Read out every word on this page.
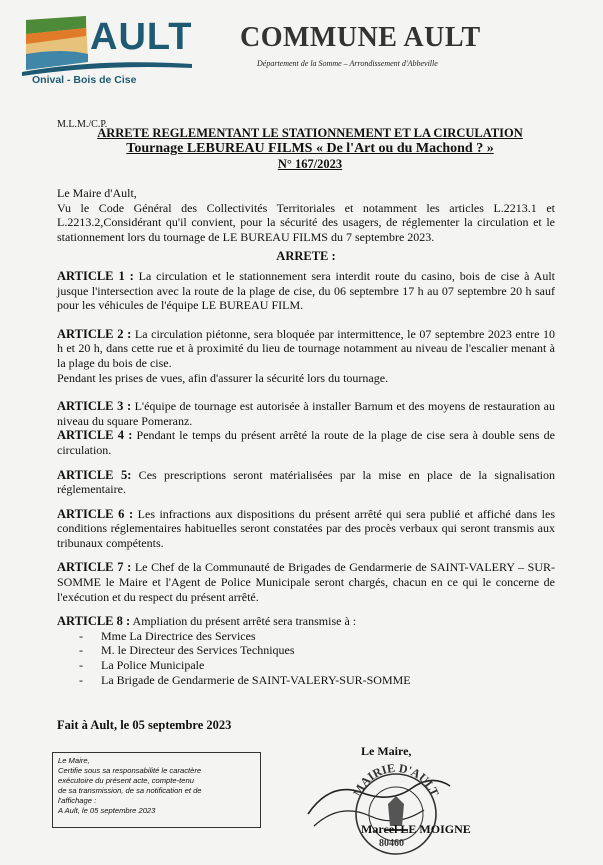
AULT
Onival - Bois de Cise
COMMUNE AULT
Département de la Somme – Arrondissement d'Abbeville
M.L.M./C.P.
ARRETE REGLEMENTANT LE STATIONNEMENT ET LA CIRCULATION
Tournage LEBUREAU FILMS « De l'Art ou du Machond ? »
N° 167/2023

Le Maire d'Ault,

Vu le Code Général des Collectivités Territoriales et notamment les articles L.2213.1 et L.2213.2,Considérant qu'il convient, pour la sécurité des usagers, de réglementer la circulation et le stationnement lors du tournage de LE BUREAU FILMS du 7 septembre 2023.

ARRETE :

ARTICLE 1 : La circulation et le stationnement sera interdit route du casino, bois de cise à Ault jusque l'intersection avec la route de la plage de cise, du 06 septembre 17 h au 07 septembre 20 h sauf pour les véhicules de l'équipe LE BUREAU FILM.

ARTICLE 2 : La circulation piétonne, sera bloquée par intermittence, le 07 septembre 2023 entre 10 h et 20 h, dans cette rue et à proximité du lieu de tournage notamment au niveau de l'escalier menant à la plage du bois de cise.

Pendant les prises de vues, afin d'assurer la sécurité lors du tournage.

ARTICLE 3 : L'équipe de tournage est autorisée à installer Barnum et des moyens de restauration au niveau du square Pomeranz.

ARTICLE 4 : Pendant le temps du présent arrêté la route de la plage de cise sera à double sens de circulation.

ARTICLE 5: Ces prescriptions seront matérialisées par la mise en place de la signalisation réglementaire.

ARTICLE 6 : Les infractions aux dispositions du présent arrêté qui sera publié et affiché dans les conditions réglementaires habituelles seront constatées par des procès verbaux qui seront transmis aux tribunaux compétents.

ARTICLE 7 : Le Chef de la Communauté de Brigades de Gendarmerie de SAINT-VALERY – SUR-SOMME le Maire et l'Agent de Police Municipale seront chargés, chacun en ce qui le concerne de l'exécution et du respect du présent arrêté.

ARTICLE 8 : Ampliation du présent arrêté sera transmise à :

- Mme La Directrice des Services
- M. le Directeur des Services Techniques
- La Police Municipale
- La Brigade de Gendarmerie de SAINT-VALERY-SUR-SOMME
Fait à Ault, le 05 septembre 2023
Le Maire,
Certifie sous sa responsabilité le caractère
exécutoire du présent acte, compte-tenu
de sa transmission, de sa notification et de
l'affichage :
A Ault, le 05 septembre 2023
MAIRIE D'AULT
80460
Le Maire,
Marcel LE MOIGNE
